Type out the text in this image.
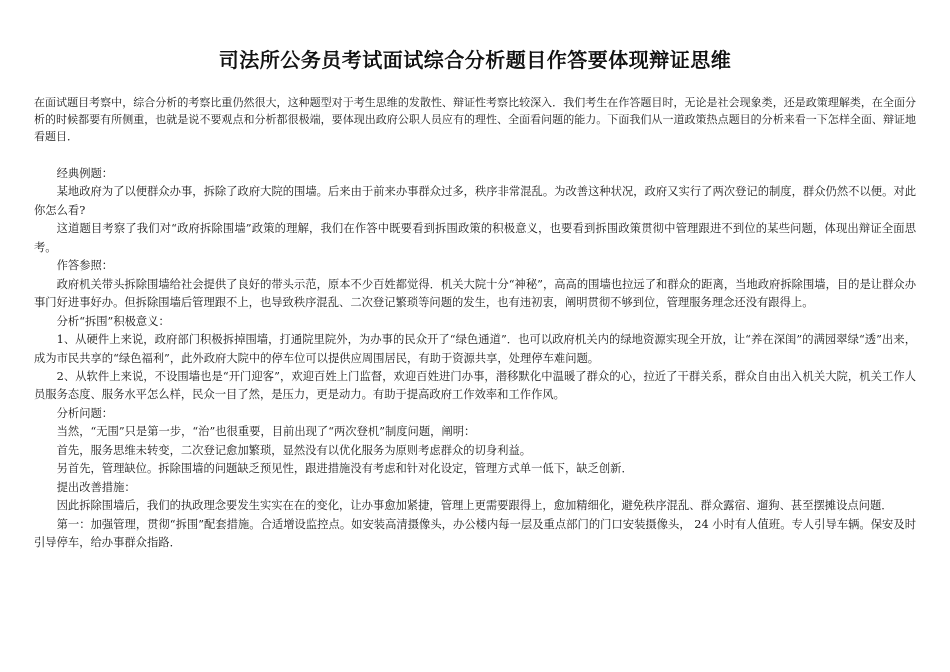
司法所公务员考试面试综合分析题目作答要体现辩证思维

在面试题目考察中，综合分析的考察比重仍然很大，这种题型对于考生思维的发散性、辩证性考察比较深入．我们考生在作答题目时，无论是社会现象类，还是政策理解类，在全面分析的时候都要有所侧重，也就是说不要观点和分析都很极端，要体现出政府公职人员应有的理性、全面看问题的能力。下面我们从一道政策热点题目的分析来看一下怎样全面、辩证地看题目．

经典例题：

某地政府为了以便群众办事，拆除了政府大院的围墙。后来由于前来办事群众过多，秩序非常混乱。为改善这种状况，政府又实行了两次登记的制度，群众仍然不以便。对此你怎么看?

这道题目考察了我们对“政府拆除围墙”政策的理解，我们在作答中既要看到拆围政策的积极意义，也要看到拆围政策贯彻中管理跟进不到位的某些问题，体现出辩证全面思考。

作答参照：

政府机关带头拆除围墙给社会提供了良好的带头示范，原本不少百姓都觉得．机关大院十分“神秘”，高高的围墙也拉远了和群众的距离，当地政府拆除围墙，目的是让群众办事门好进事好办。但拆除围墙后管理跟不上，也导致秩序混乱、二次登记繁琐等问题的发生，也有违初衷，阐明贯彻不够到位，管理服务理念还没有跟得上。

分析“拆围”积极意义：

1、从硬件上来说，政府部门积极拆掉围墙，打通院里院外，为办事的民众开了“绿色通道”．也可以政府机关内的绿地资源实现全开放，让“养在深闺”的满园翠绿“透”出来，成为市民共享的“绿色福利”，此外政府大院中的停车位可以提供应周围居民，有助于资源共享，处理停车难问题。

2、从软件上来说，不设围墙也是“开门迎客”，欢迎百姓上门监督，欢迎百姓进门办事，潜移默化中温暖了群众的心，拉近了干群关系，群众自由出入机关大院，机关工作人员服务态度、服务水平怎么样，民众一目了然，是压力，更是动力。有助于提高政府工作效率和工作作风。

分析问题：

当然，“无围”只是第一步，“治”也很重要，目前出现了“两次登机”制度问题，阐明：

首先，服务思维未转变，二次登记愈加繁琐，显然没有以优化服务为原则考虑群众的切身利益。

另首先，管理缺位。拆除围墙的问题缺乏预见性，跟进措施没有考虑和针对化设定，管理方式单一低下，缺乏创新．

提出改善措施：

因此拆除围墙后，我们的执政理念要发生实实在在的变化，让办事愈加紧捷，管理上更需要跟得上，愈加精细化，避免秩序混乱、群众露宿、遛狗、甚至摆摊设点问题．

第一：加强管理，贯彻“拆围”配套措施。合适增设监控点。如安装高清摄像头，办公楼内每一层及重点部门的门口安装摄像头， 24 小时有人值班。专人引导车辆。保安及时引导停车，给办事群众指路．
